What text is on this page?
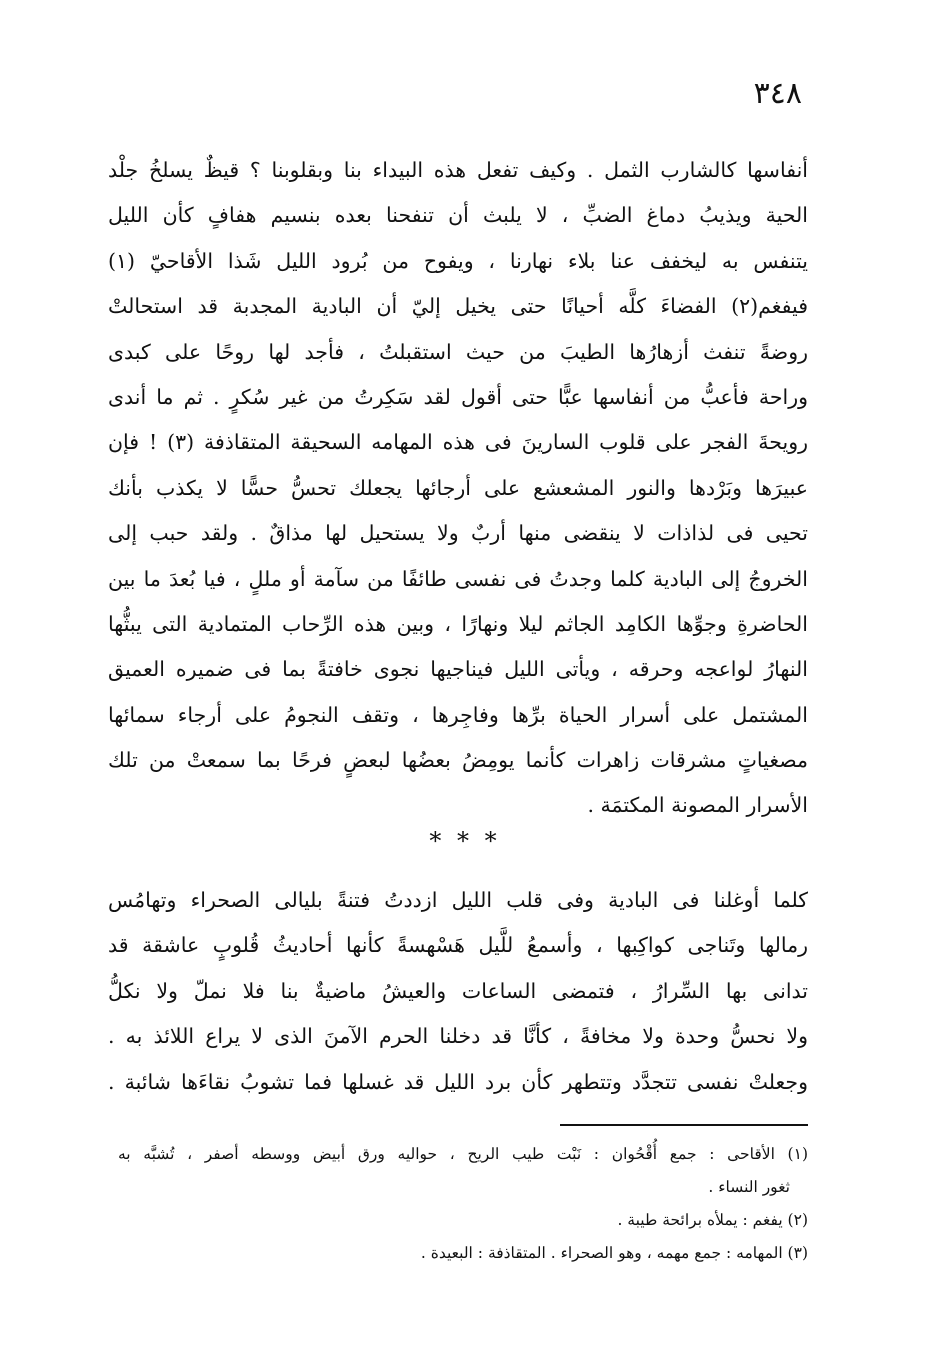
٣٤٨
أنفاسها كالشارب الثمل . وكيف تفعل هذه البيداء بنا وبقلوبنا ؟ قيظٌ يسلخُ جلْد
الحية ويذيبُ دماغ الضبِّ ، لا يلبث أن تنفحنا بعده بنسيم هفافٍ كأن الليل
يتنفس به ليخفف عنا بلاء نهارنا ، ويفوح من بُرود الليل شَذا الأقاحيّ (١)
فيفغم(٢) الفضاءَ كلَّه أحيانًا حتى يخيل إليّ أن البادية المجدبة قد استحالتْ
روضةً تنفث أزهارُها الطيبَ من حيث استقبلتُ ، فأجد لها روحًا على كبدى
وراحة فأعبُّ من أنفاسها عبًّا حتى أقول لقد سَكِرتُ من غير سُكرٍ . ثم ما أندى
رويحةَ الفجر على قلوب السارينَ فى هذه المهامه السحيقة المتقاذفة (٣) ! فإن
عبيرَها وبَرْدها والنور المشعشع على أرجائها يجعلك تحسُّ حسًّا لا يكذب بأنك
تحيى فى لذاذات لا ينقضى منها أربٌ ولا يستحيل لها مذاقٌ . ولقد حبب إلى
الخروجُ إلى البادية كلما وجدتُ فى نفسى طائفًا من سآمة أو مللٍ ، فيا بُعدَ ما بين
الحاضرةِ وجوِّها الكامِد الجاثم ليلا ونهارًا ، وبين هذه الرِّحاب المتمادية التى يبثُّها
النهارُ لواعجه وحرقه ، ويأتى الليل فيناجيها نجوى خافتةً بما فى ضميره العميق
المشتمل على أسرار الحياة برِّها وفاجِرها ، وتقف النجومُ على أرجاء سمائها
مصغياتٍ مشرقات زاهرات كأنما يومِضُ بعضُها لبعضٍ فرحًا بما سمعتْ من تلك
الأسرار المصونة المكتمَة .
* * *
كلما أوغلنا فى البادية وفى قلب الليل ازددتُ فتنةً بليالى الصحراء وتهامُس
رمالها وتَناجى كواكِبها ، وأسمعُ للَّيل هَسْهسةً كأنها أحاديثُ قُلوبٍ عاشقة قد
تدانى بها السِّرارُ ، فتمضى الساعات والعيشُ ماضيةٌ بنا فلا نملّ ولا نكلُّ
ولا نحسُّ وحدة ولا مخافةً ، كأنَّا قد دخلنا الحرم الآمنَ الذى لا يراع اللائذ به .
وجعلتْ نفسى تتجدَّد وتتطهر كأن برد الليل قد غسلها فما تشوبُ نقاءَها شائبة .
(١) الأقاحى : جمع أُقْحُوان : نَبْت طيب الريح ، حواليه ورق أبيض ووسطه أصفر ، تُشبَّه به
ثغور النساء .
(٢) يفغم : يملأه برائحة طيبة .
(٣) المهامه : جمع مهمه ، وهو الصحراء . المتقاذفة : البعيدة .
